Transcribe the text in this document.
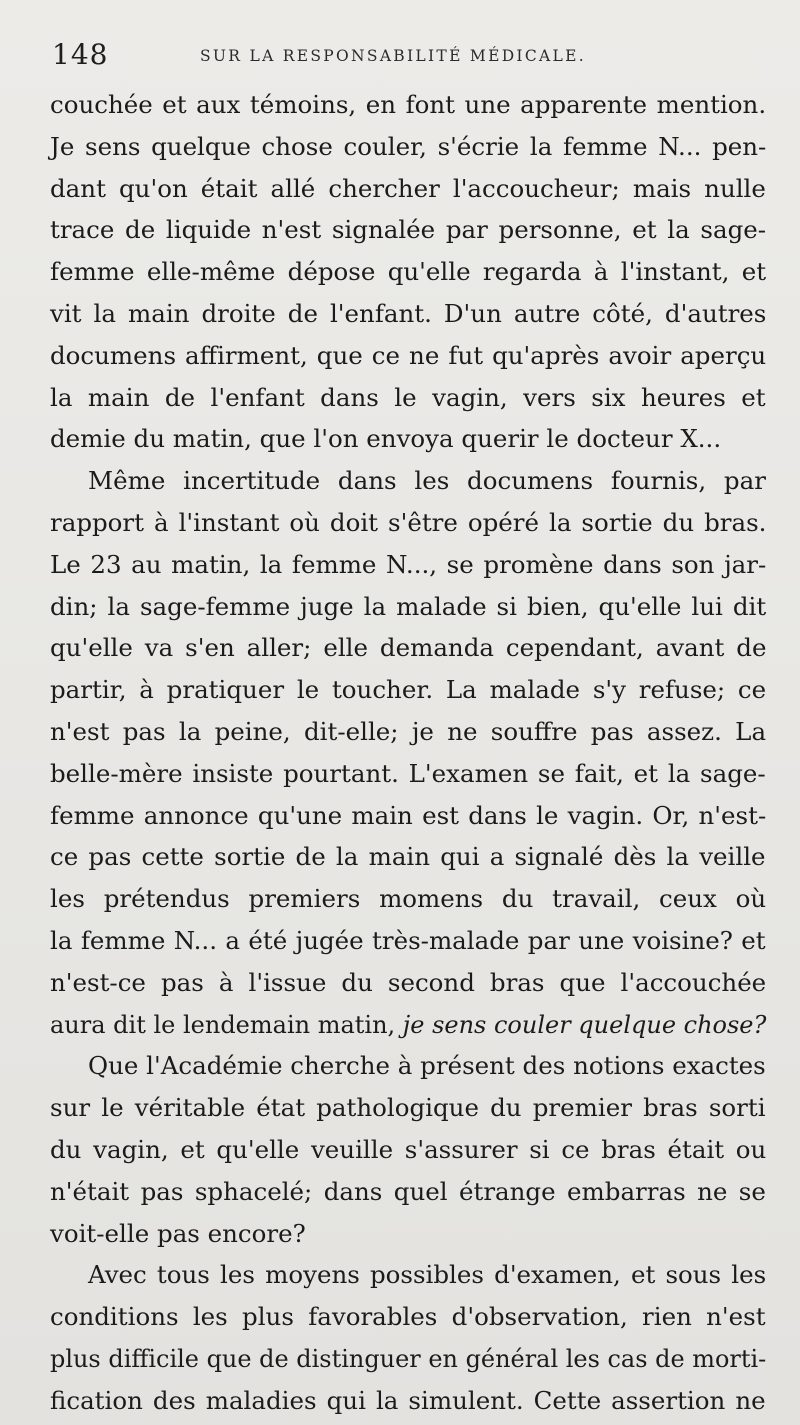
148	SUR LA RESPONSABILITÉ MÉDICALE.
couchée et aux témoins, en font une apparente mention.
Je sens quelque chose couler, s'écrie la femme N... pen-
dant qu'on était allé chercher l'accoucheur; mais nulle
trace de liquide n'est signalée par personne, et la sage-
femme elle-même dépose qu'elle regarda à l'instant, et
vit la main droite de l'enfant. D'un autre côté, d'autres
documens affirment, que ce ne fut qu'après avoir aperçu
la main de l'enfant dans le vagin, vers six heures et
demie du matin, que l'on envoya querir le docteur X...
Même incertitude dans les documens fournis, par
rapport à l'instant où doit s'être opéré la sortie du bras.
Le 23 au matin, la femme N..., se promène dans son jar-
din; la sage-femme juge la malade si bien, qu'elle lui dit
qu'elle va s'en aller; elle demanda cependant, avant de
partir, à pratiquer le toucher. La malade s'y refuse; ce
n'est pas la peine, dit-elle; je ne souffre pas assez. La
belle-mère insiste pourtant. L'examen se fait, et la sage-
femme annonce qu'une main est dans le vagin. Or, n'est-
ce pas cette sortie de la main qui a signalé dès la veille
les prétendus premiers momens du travail, ceux où
la femme N... a été jugée très-malade par une voisine? et
n'est-ce pas à l'issue du second bras que l'accouchée
aura dit le lendemain matin, je sens couler quelque chose?
Que l'Académie cherche à présent des notions exactes
sur le véritable état pathologique du premier bras sorti
du vagin, et qu'elle veuille s'assurer si ce bras était ou
n'était pas sphacelé; dans quel étrange embarras ne se
voit-elle pas encore?
Avec tous les moyens possibles d'examen, et sous les
conditions les plus favorables d'observation, rien n'est
plus difficile que de distinguer en général les cas de morti-
fication des maladies qui la simulent. Cette assertion ne
